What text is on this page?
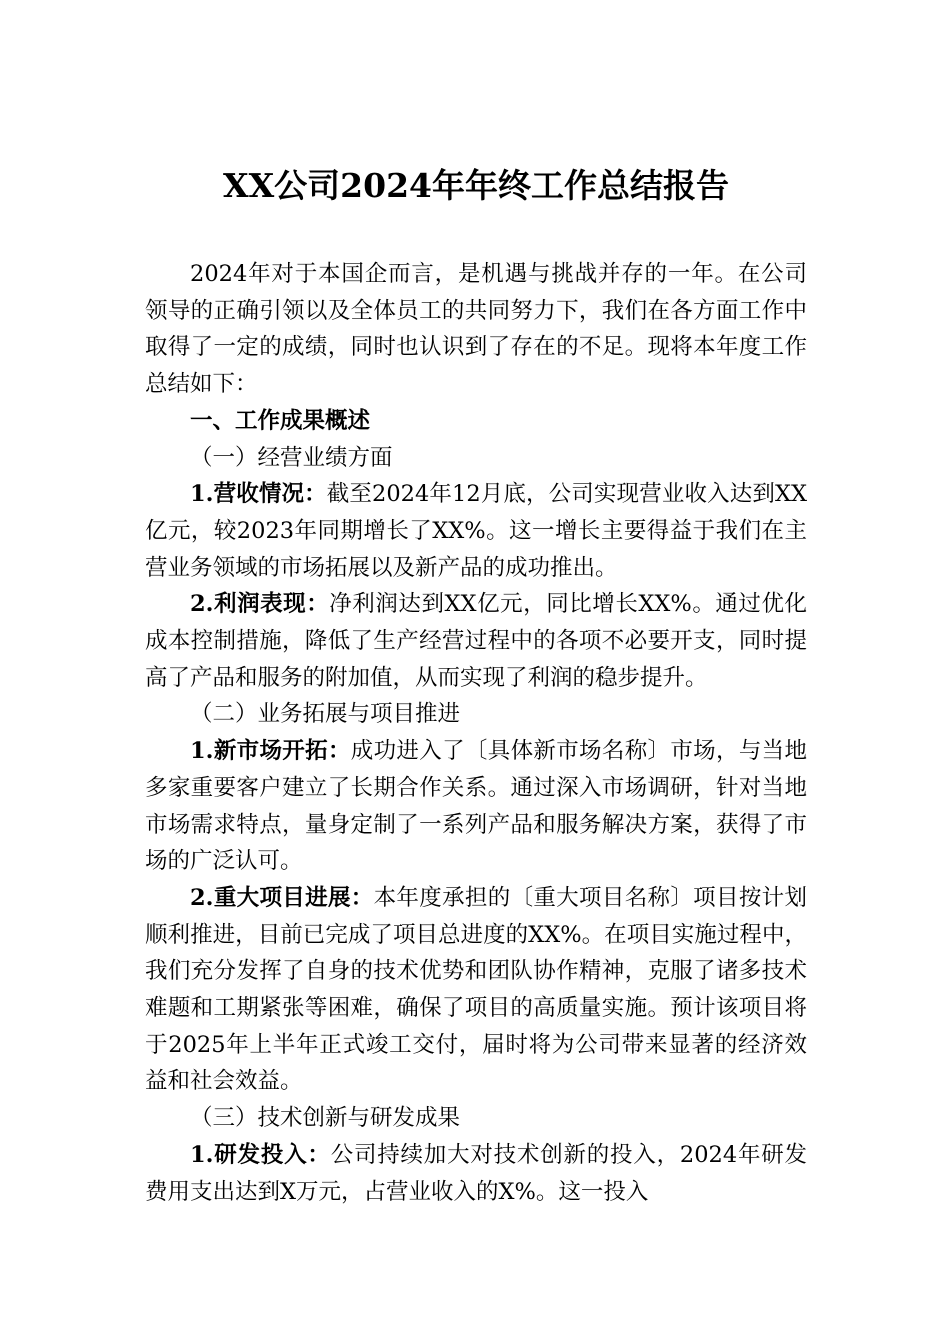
XX公司2024年年终工作总结报告

2024年对于本国企而言，是机遇与挑战并存的一年。在公司领导的正确引领以及全体员工的共同努力下，我们在各方面工作中取得了一定的成绩，同时也认识到了存在的不足。现将本年度工作总结如下：

一、工作成果概述

（一）经营业绩方面

1.营收情况：截至2024年12月底，公司实现营业收入达到XX亿元，较2023年同期增长了XX%。这一增长主要得益于我们在主营业务领域的市场拓展以及新产品的成功推出。

2.利润表现：净利润达到XX亿元，同比增长XX%。通过优化成本控制措施，降低了生产经营过程中的各项不必要开支，同时提高了产品和服务的附加值，从而实现了利润的稳步提升。

（二）业务拓展与项目推进

1.新市场开拓：成功进入了〔具体新市场名称〕市场，与当地多家重要客户建立了长期合作关系。通过深入市场调研，针对当地市场需求特点，量身定制了一系列产品和服务解决方案，获得了市场的广泛认可。

2.重大项目进展：本年度承担的〔重大项目名称〕项目按计划顺利推进，目前已完成了项目总进度的XX%。在项目实施过程中，我们充分发挥了自身的技术优势和团队协作精神，克服了诸多技术难题和工期紧张等困难，确保了项目的高质量实施。预计该项目将于2025年上半年正式竣工交付，届时将为公司带来显著的经济效益和社会效益。

（三）技术创新与研发成果

1.研发投入：公司持续加大对技术创新的投入，2024年研发费用支出达到X万元，占营业收入的X%。这一投入
